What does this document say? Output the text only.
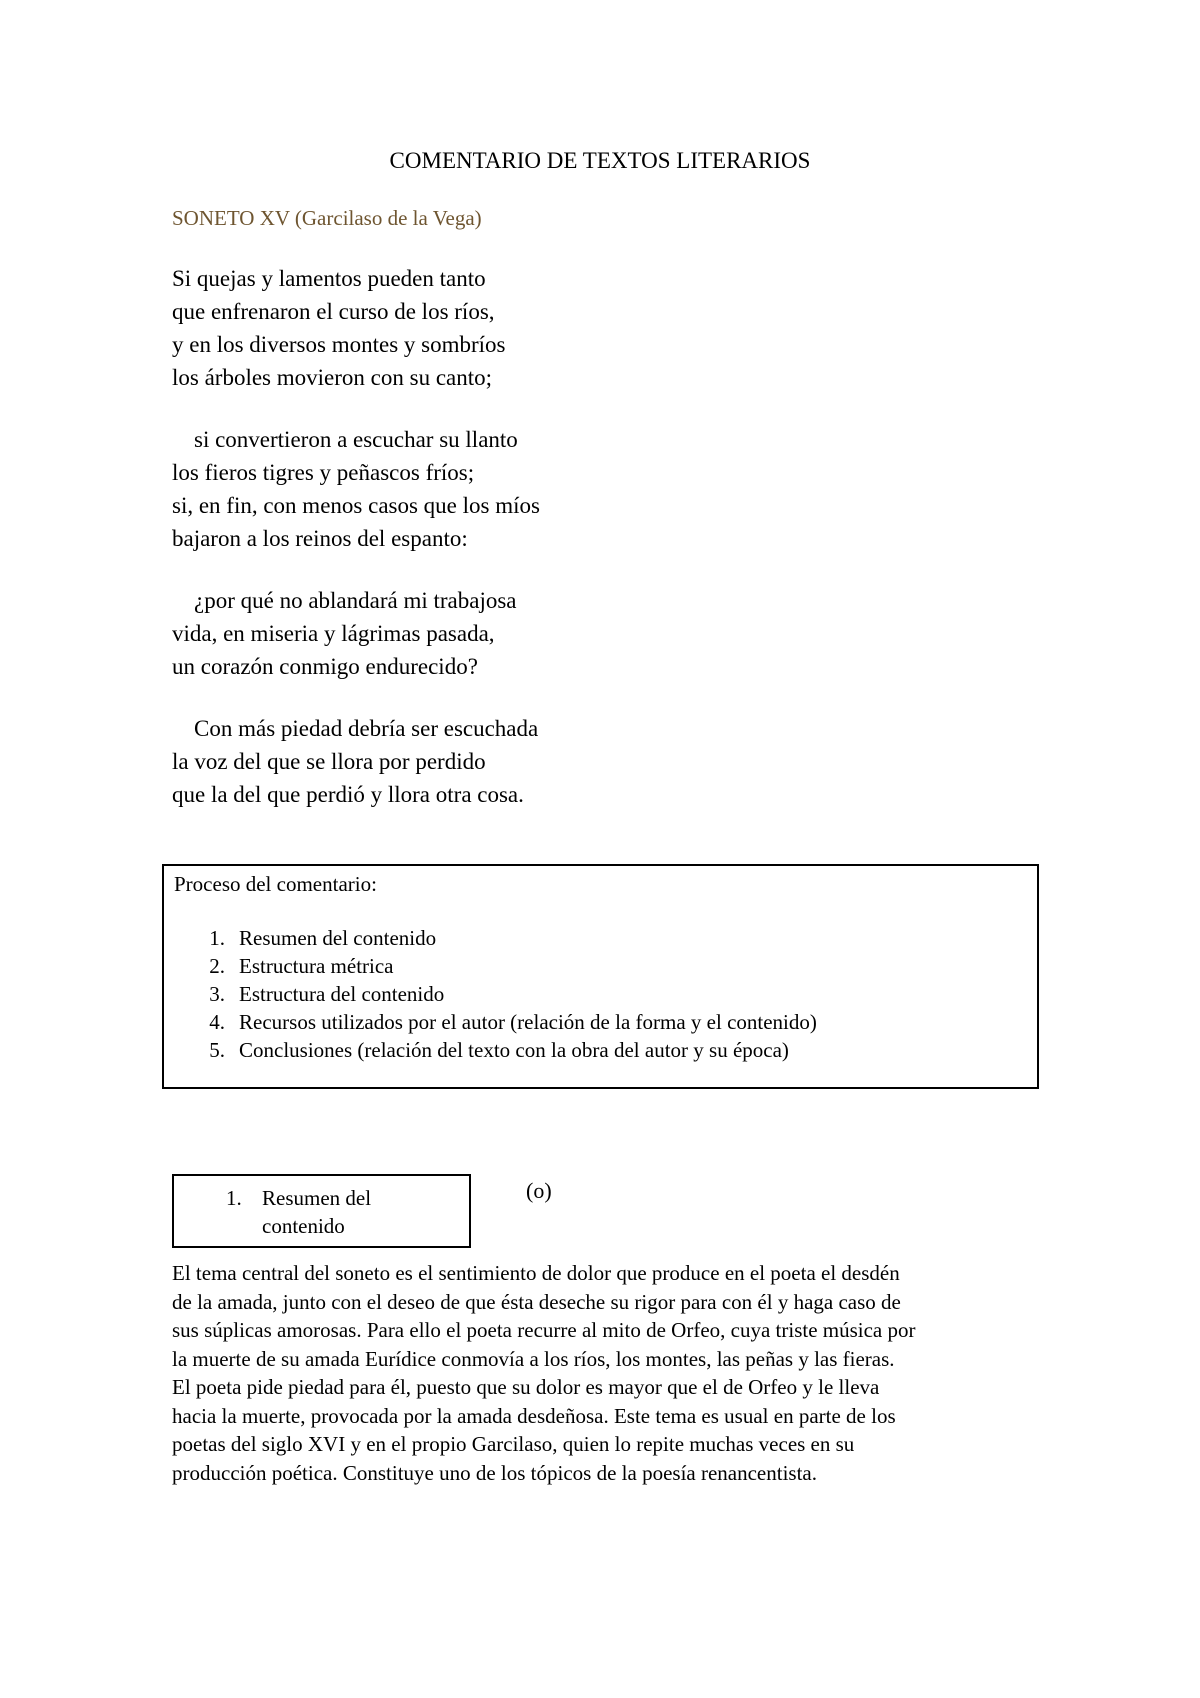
COMENTARIO DE TEXTOS LITERARIOS
SONETO XV (Garcilaso de la Vega)
Si quejas y lamentos pueden tanto
que enfrenaron el curso de los ríos,
y en los diversos montes y sombríos
los árboles movieron con su canto;
si convertieron a escuchar su llanto
los fieros tigres y peñascos fríos;
si, en fin, con menos casos que los míos
bajaron a los reinos del espanto:
¿por qué no ablandará mi trabajosa
vida, en miseria y lágrimas pasada,
un corazón conmigo endurecido?
Con más piedad debría ser escuchada
la voz del que se llora por perdido
que la del que perdió y llora otra cosa.
Proceso del comentario:
1. Resumen del contenido
2. Estructura métrica
3. Estructura del contenido
4. Recursos utilizados por el autor (relación de la forma y el contenido)
5. Conclusiones (relación del texto con la obra del autor y su época)
1. Resumen del contenido
(o)
El tema central del soneto es el sentimiento de dolor que produce en el poeta el desdén
de la amada, junto con el deseo de que ésta deseche su rigor para con él y haga caso de
sus súplicas amorosas. Para ello el poeta recurre al mito de Orfeo, cuya triste música por
la muerte de su amada Eurídice conmovía a los ríos, los montes, las peñas y las fieras.
El poeta pide piedad para él, puesto que su dolor es mayor que el de Orfeo y le lleva
hacia la muerte, provocada por la amada desdeñosa. Este tema es usual en parte de los
poetas del siglo XVI y en el propio Garcilaso, quien lo repite muchas veces en su
producción poética. Constituye uno de los tópicos de la poesía renancentista.
